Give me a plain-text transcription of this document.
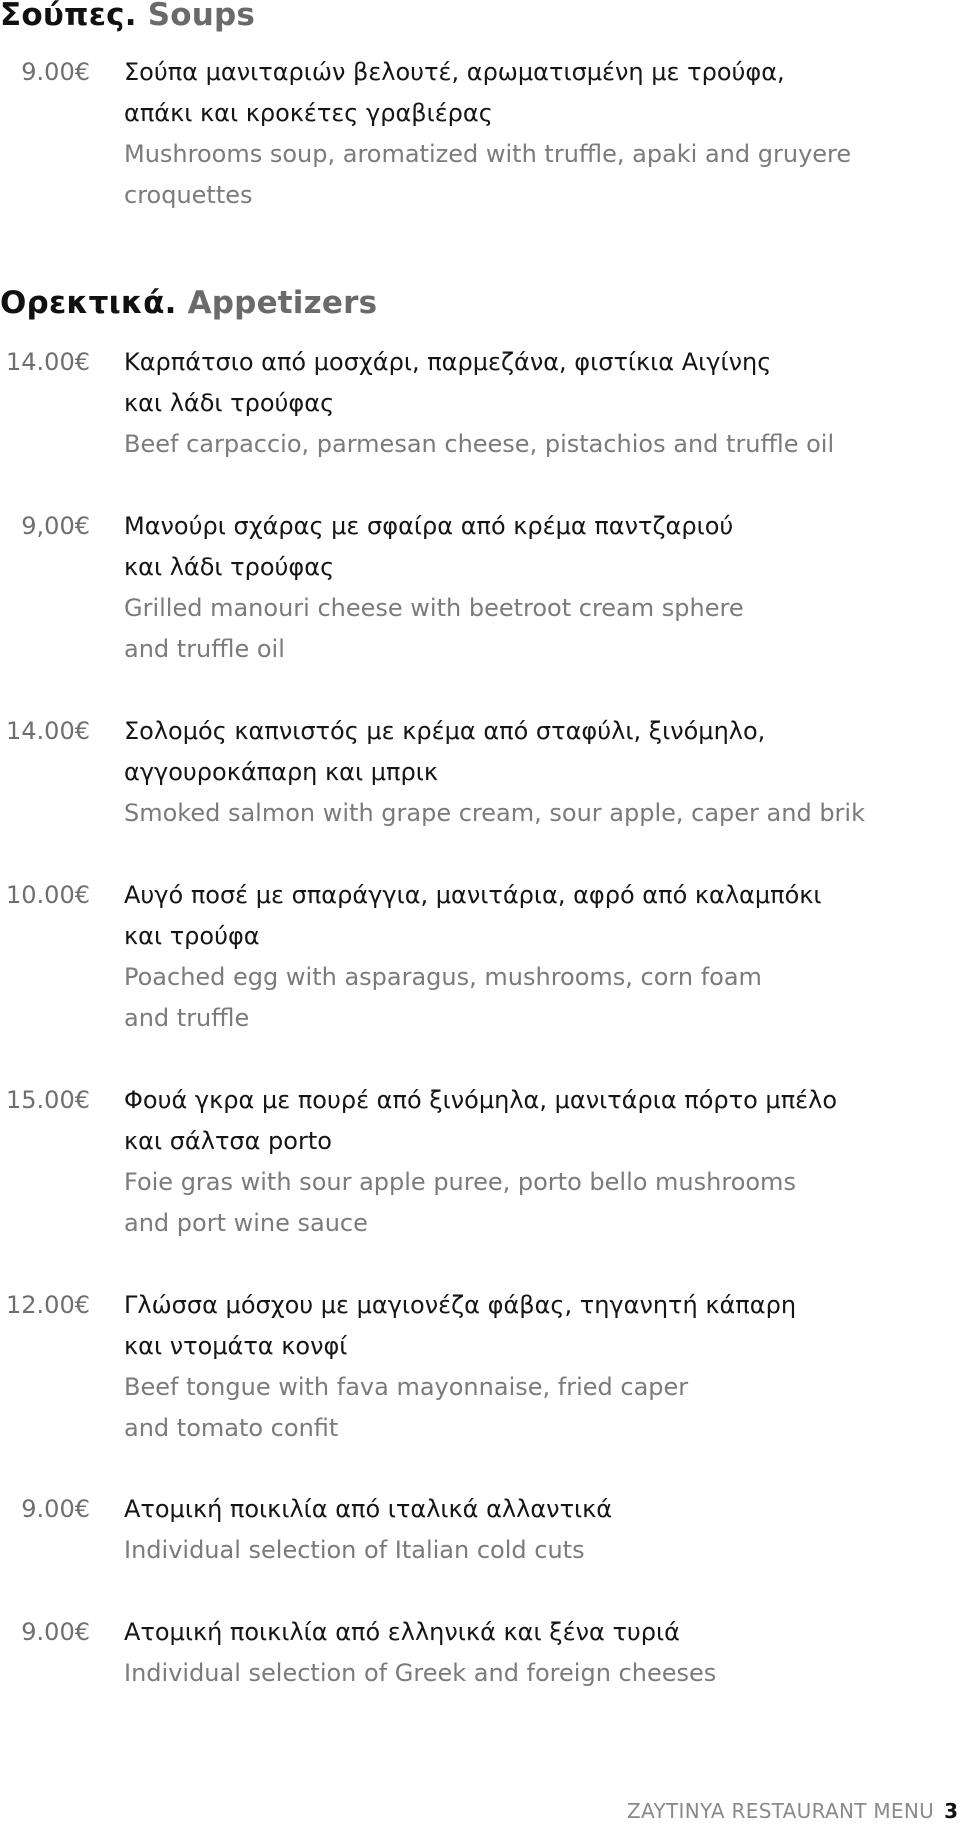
Σούπες. Soups
9.00€ Σούπα μανιταριών βελουτέ, αρωματισμένη με τρούφα,
απάκι και κροκέτες γραβιέρας
Mushrooms soup, aromatized with truffle, apaki and gruyere
croquettes
Ορεκτικά. Appetizers
14.00€ Καρπάτσιο από μοσχάρι, παρμεζάνα, φιστίκια Αιγίνης
και λάδι τρούφας
Beef carpaccio, parmesan cheese, pistachios and truffle oil
9,00€ Μανούρι σχάρας με σφαίρα από κρέμα παντζαριού
και λάδι τρούφας
Grilled manouri cheese with beetroot cream sphere
and truffle oil
14.00€ Σολομός καπνιστός με κρέμα από σταφύλι, ξινόμηλο,
αγγουροκάπαρη και μπρικ
Smoked salmon with grape cream, sour apple, caper and brik
10.00€ Αυγό ποσέ με σπαράγγια, μανιτάρια, αφρό από καλαμπόκι
και τρούφα
Poached egg with asparagus, mushrooms, corn foam
and truffle
15.00€ Φουά γκρα με πουρέ από ξινόμηλα, μανιτάρια πόρτο μπέλο
και σάλτσα porto
Foie gras with sour apple puree, porto bello mushrooms
and port wine sauce
12.00€ Γλώσσα μόσχου με μαγιονέζα φάβας, τηγανητή κάπαρη
και ντομάτα κονφί
Beef tongue with fava mayonnaise, fried caper
and tomato confit
9.00€ Ατομική ποικιλία από ιταλικά αλλαντικά
Individual selection of Italian cold cuts
9.00€ Ατομική ποικιλία από ελληνικά και ξένα τυριά
Individual selection of Greek and foreign cheeses
ZAYTINYA RESTAURANT MENU 3
